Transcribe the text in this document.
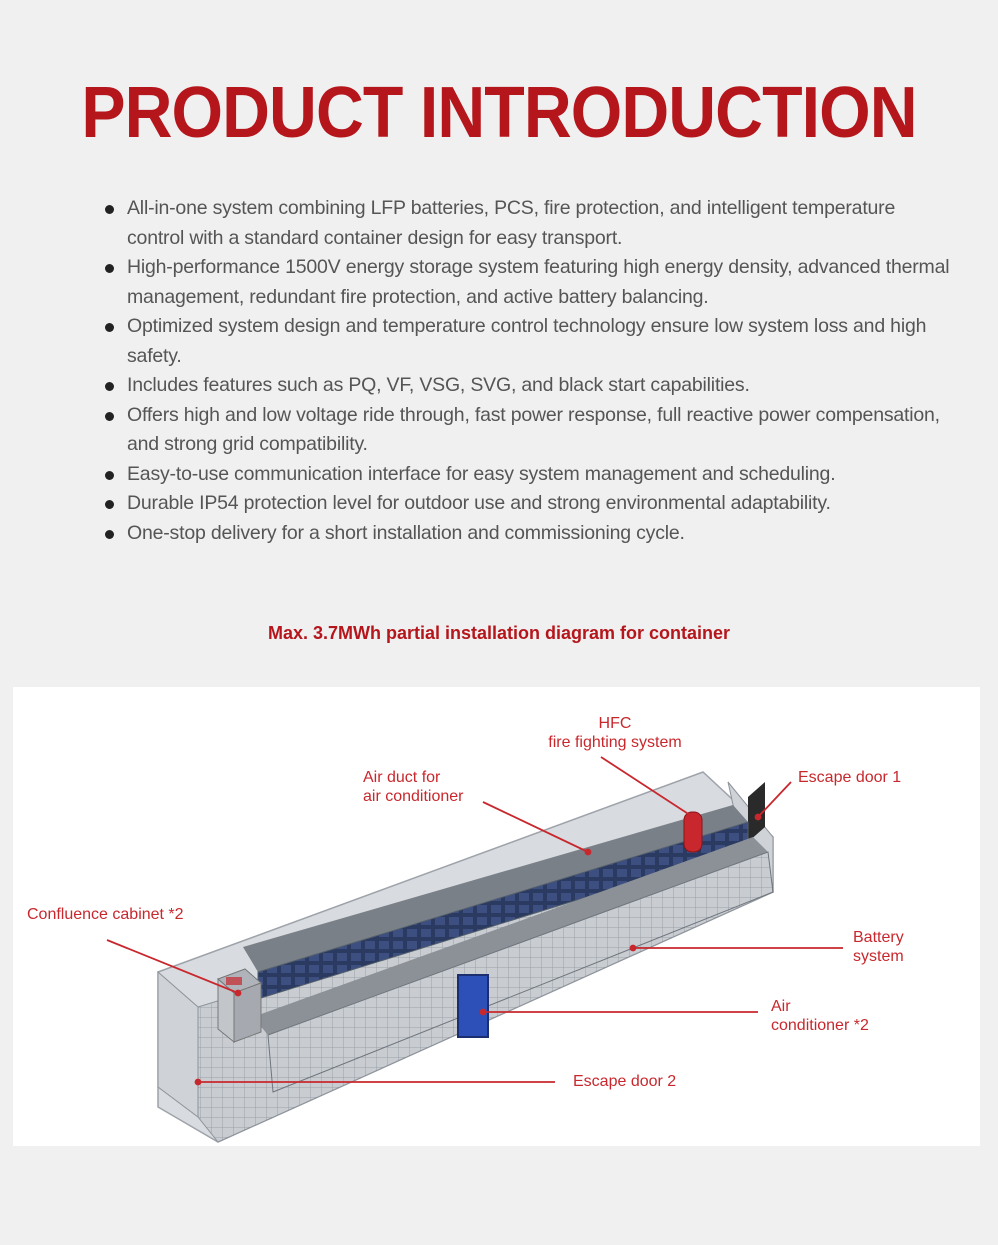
PRODUCT INTRODUCTION
All-in-one system combining LFP batteries, PCS, fire protection, and intelligent temperature control with a standard container design for easy transport.
High-performance 1500V energy storage system featuring high energy density, advanced thermal management, redundant fire protection, and active battery balancing.
Optimized system design and temperature control technology ensure low system loss and high safety.
Includes features such as PQ, VF, VSG, SVG, and black start capabilities.
Offers high and low voltage ride through, fast power response, full reactive power compensation, and strong grid compatibility.
Easy-to-use communication interface for easy system management and scheduling.
Durable IP54 protection level for outdoor use and strong environmental adaptability.
One-stop delivery for a short installation and commissioning cycle.
Max. 3.7MWh partial installation diagram for container
HFC
fire fighting system
Air duct for
air conditioner
Escape door 1
Confluence cabinet *2
Battery
system
Air
conditioner *2
Escape door 2
